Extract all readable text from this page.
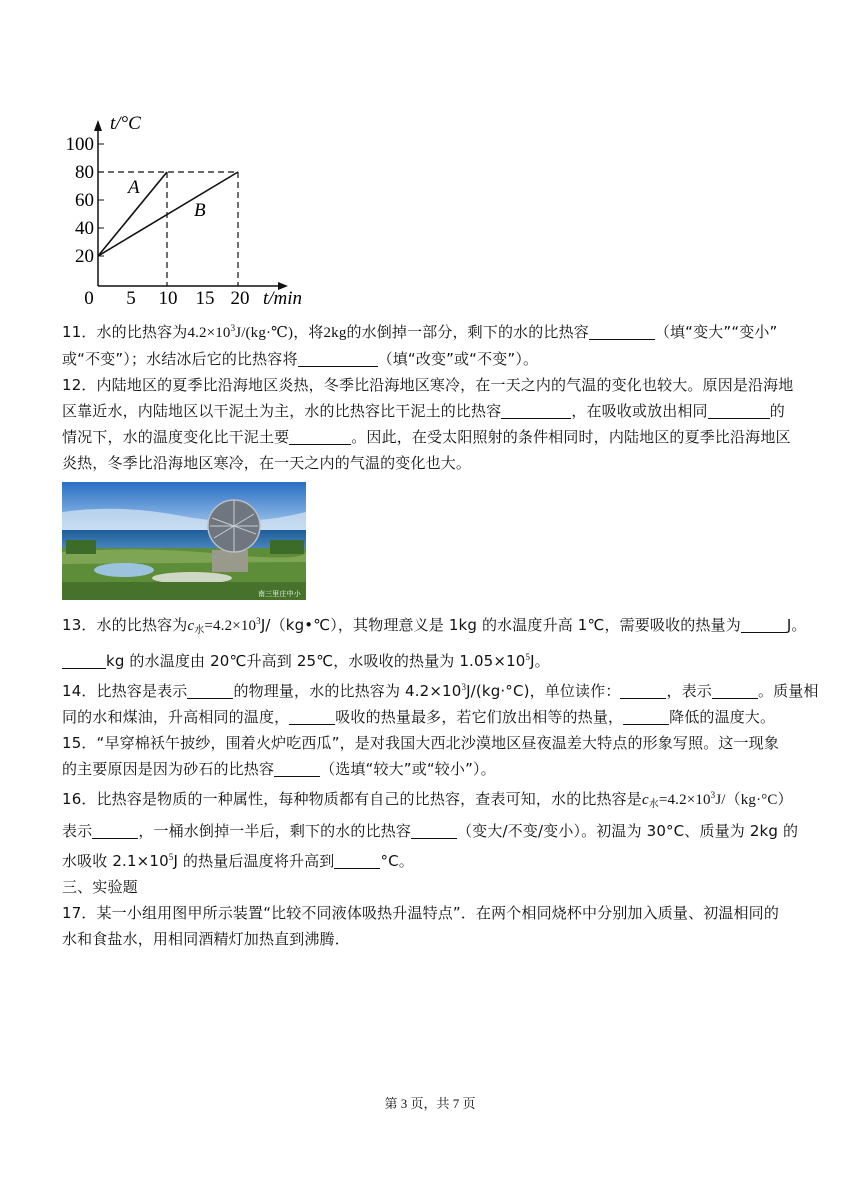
t/°C
t/min
100
80
60
40
20
0 5 10 15 20
A
B

11．水的比热容为$4.2\times 10^3J/(kg\cdot℃)$，将2kg的水倒掉一部分，剩下的水的比热容	（填“变大”“变小”
或“不变”）；水结冰后它的比热容将	（填“改变”或“不变”）。

12．内陆地区的夏季比沿海地区炎热，冬季比沿海地区寒冷，在一天之内的气温的变化也较大。原因是沿海地
区靠近水，内陆地区以干泥土为主，水的比热容比干泥土的比热容	，在吸收或放出相同	的
情况下，水的温度变化比干泥土要	。因此，在受太阳照射的条件相同时，内陆地区的夏季比沿海地区
炎热，冬季比沿海地区寒冷，在一天之内的气温的变化也大。

南三里庄中小

13．水的比热容为$c_水=4.2\times 10^3J/(kg•℃)$，其物理意义是 1kg 的水温度升高 1℃，需要吸收的热量为	J。
kg 的水温度由 20℃升高到 25℃，水吸收的热量为 $1.05\times 10^5J$。

14．比热容是表示	的物理量，水的比热容为 $4.2\times 10^3J/(kg\cdot^\circ C)$，单位读作：	，表示	。质量相
同的水和煤油，升高相同的温度，	吸收的热量最多，若它们放出相等的热量，	降低的温度大。

15．“早穿棉袄午披纱，围着火炉吃西瓜”，是对我国大西北沙漠地区昼夜温差大特点的形象写照。这一现象
的主要原因是因为砂石的比热容	（选填“较大”或“较小”）。

16．比热容是物质的一种属性，每种物质都有自己的比热容，查表可知，水的比热容是$c_水=4.2\times 10^3J/(kg\cdot^\circ C)$
表示	，一桶水倒掉一半后，剩下的水的比热容	（变大/不变/变小）。初温为 30°C、质量为 2kg 的
水吸收 $2.1\times 10^5J$ 的热量后温度将升高到	°C。

三、实验题

17．某一小组用图甲所示装置“比较不同液体吸热升温特点”．在两个相同烧杯中分别加入质量、初温相同的
水和食盐水，用相同酒精灯加热直到沸腾．

第 3 页，共 7 页
